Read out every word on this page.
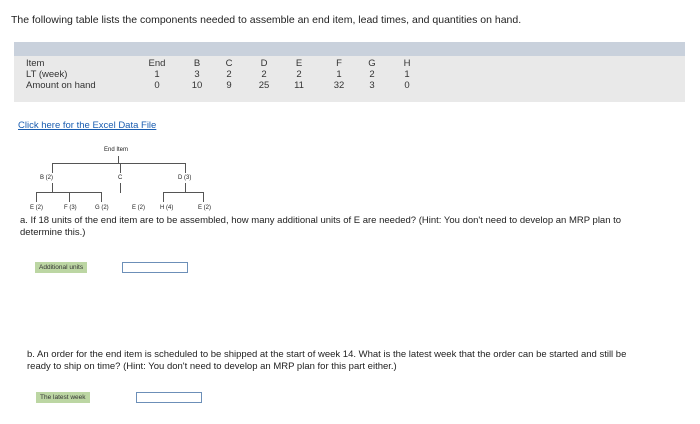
The following table lists the components needed to assemble an end item, lead times, and quantities on hand.
Item	End	B	C	D	E	F	G	H
LT (week)	1	3	2	2	2	1	2	1
Amount on hand	0	10	9	25	11	32	3	0
Click here for the Excel Data File
End Item
B (2)	C	D (3)
E (2)	F (3)	G (2)	E (2) H (4)	E (2)
a. If 18 units of the end item are to be assembled, how many additional units of E are needed? (Hint: You don't need to develop an MRP plan to determine this.)
Additional units
b. An order for the end item is scheduled to be shipped at the start of week 14. What is the latest week that the order can be started and still be ready to ship on time? (Hint: You don't need to develop an MRP plan for this part either.)
The latest week
